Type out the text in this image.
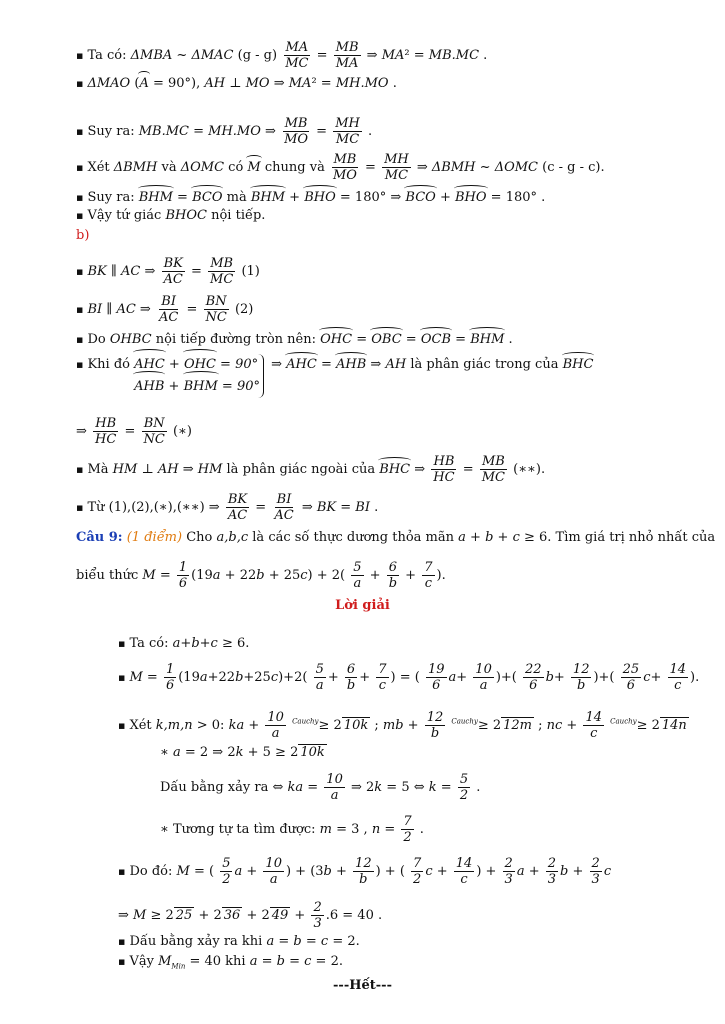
▪ Ta có: ΔMBA ~ ΔMAC $(g - g) \frac{MA}{MC} = \frac{MB}{MA}$ ⇒ MA² = MB.MC .
▪ ΔMAO (A = 90°), AH ⊥ MO ⇒ MA² = MH.MO .
▪ Suy ra: MB.MC = MH.MO ⇒ $\frac{MB}{MO} = \frac{MH}{MC}$ .
▪ Xét ΔBMH và ΔOMC có M chung và $\frac{MB}{MO} = \frac{MH}{MC}$ ⇒ ΔBMH ~ ΔOMC (c - g - c).
▪ Suy ra: BHM = BCO mà BHM + BHO = 180° ⇒ BCO + BHO = 180° .
▪ Vậy tứ giác BHOC nội tiếp.
b)
▪ BK ∥ AC ⇒ $\frac{BK}{AC} = \frac{MB}{MC} (1)$
▪ BI ∥ AC ⇒ $\frac{BI}{AC} = \frac{BN}{NC} (2)$
▪ Do OHBC nội tiếp đường tròn nên: OHC = OBC = OCB = BHM .
▪ Khi đó AHC + OHC = 90°
AHB + BHM = 90°
⇒ AHC = AHB ⇒ AH là phân giác trong của BHC
⇒ $\frac{HB}{HC} = \frac{BN}{NC}$ (∗)
▪ Mà HM ⊥ AH ⇒ HM là phân giác ngoài của BHC ⇒ $\frac{HB}{HC} = \frac{MB}{MC}$ (∗∗).
▪ Từ (1),(2),(∗),(∗∗) ⇒ $\frac{BK}{AC} = \frac{BI}{AC}$ ⇒ BK = BI .
Câu 9: (1 điểm) Cho a,b,c là các số thực dương thỏa mãn a + b + c ≥ 6. Tìm giá trị nhỏ nhất của
biểu thức $M = \frac{1}{6} (19a + 22b + 25c) + 2( \frac{5}{a} + \frac{6}{b} + \frac{7}{c}$ ).
Lời giải
▪ Ta có: a+b+c ≥ 6.
▪ $M = \frac{1}{6} (19a+22b+25c)+2( \frac{5}{a} + \frac{6}{b} + \frac{7}{c}$ ) = ( $\frac{19}{6} a+ \frac{10}{a}$ )+( $\frac{22}{6} b+ \frac{12}{b}$ )+( $\frac{25}{6} c+ \frac{14}{c}$ ).
▪ Xét k,m,n > 0: ka + $\frac{10}{a} ^{Cauchy}\ge 2$ 10k ; mb + $\frac{12}{b} ^{Cauchy}\ge 2$ 12m ; nc + $\frac{14}{c} ^{Cauchy}\ge 2$ 14n
∗ a = 2 ⇒ 2k + 5 ≥ 2 10k
Dấu bằng xảy ra ⇔ ka = $\frac{10}{a}$ ⇒ 2k = 5 ⇔ $k = \frac{5}{2}$ .
∗ Tương tự ta tìm được: m = 3 , $n = \frac{7}{2}$ .
▪ Do đó: M = ( $\frac{5}{2}$ $a + \frac{10}{a}$ ) + ($3b + \frac{12}{b}$ ) + ( $\frac{7}{2}$ $c + \frac{14}{c}$ ) + $\frac{2}{3}$ $a + \frac{2}{3}$ $b + \frac{2}{3}$ c
⇒ M ≥ 2 25 + 2 36 + 2 $49 + \frac{2}{3} .6 = 40$ .
▪ Dấu bằng xảy ra khi a = b = c = 2.
▪ Vậy $M_{Min} = 40$ khi a = b = c = 2.
---Hết---
